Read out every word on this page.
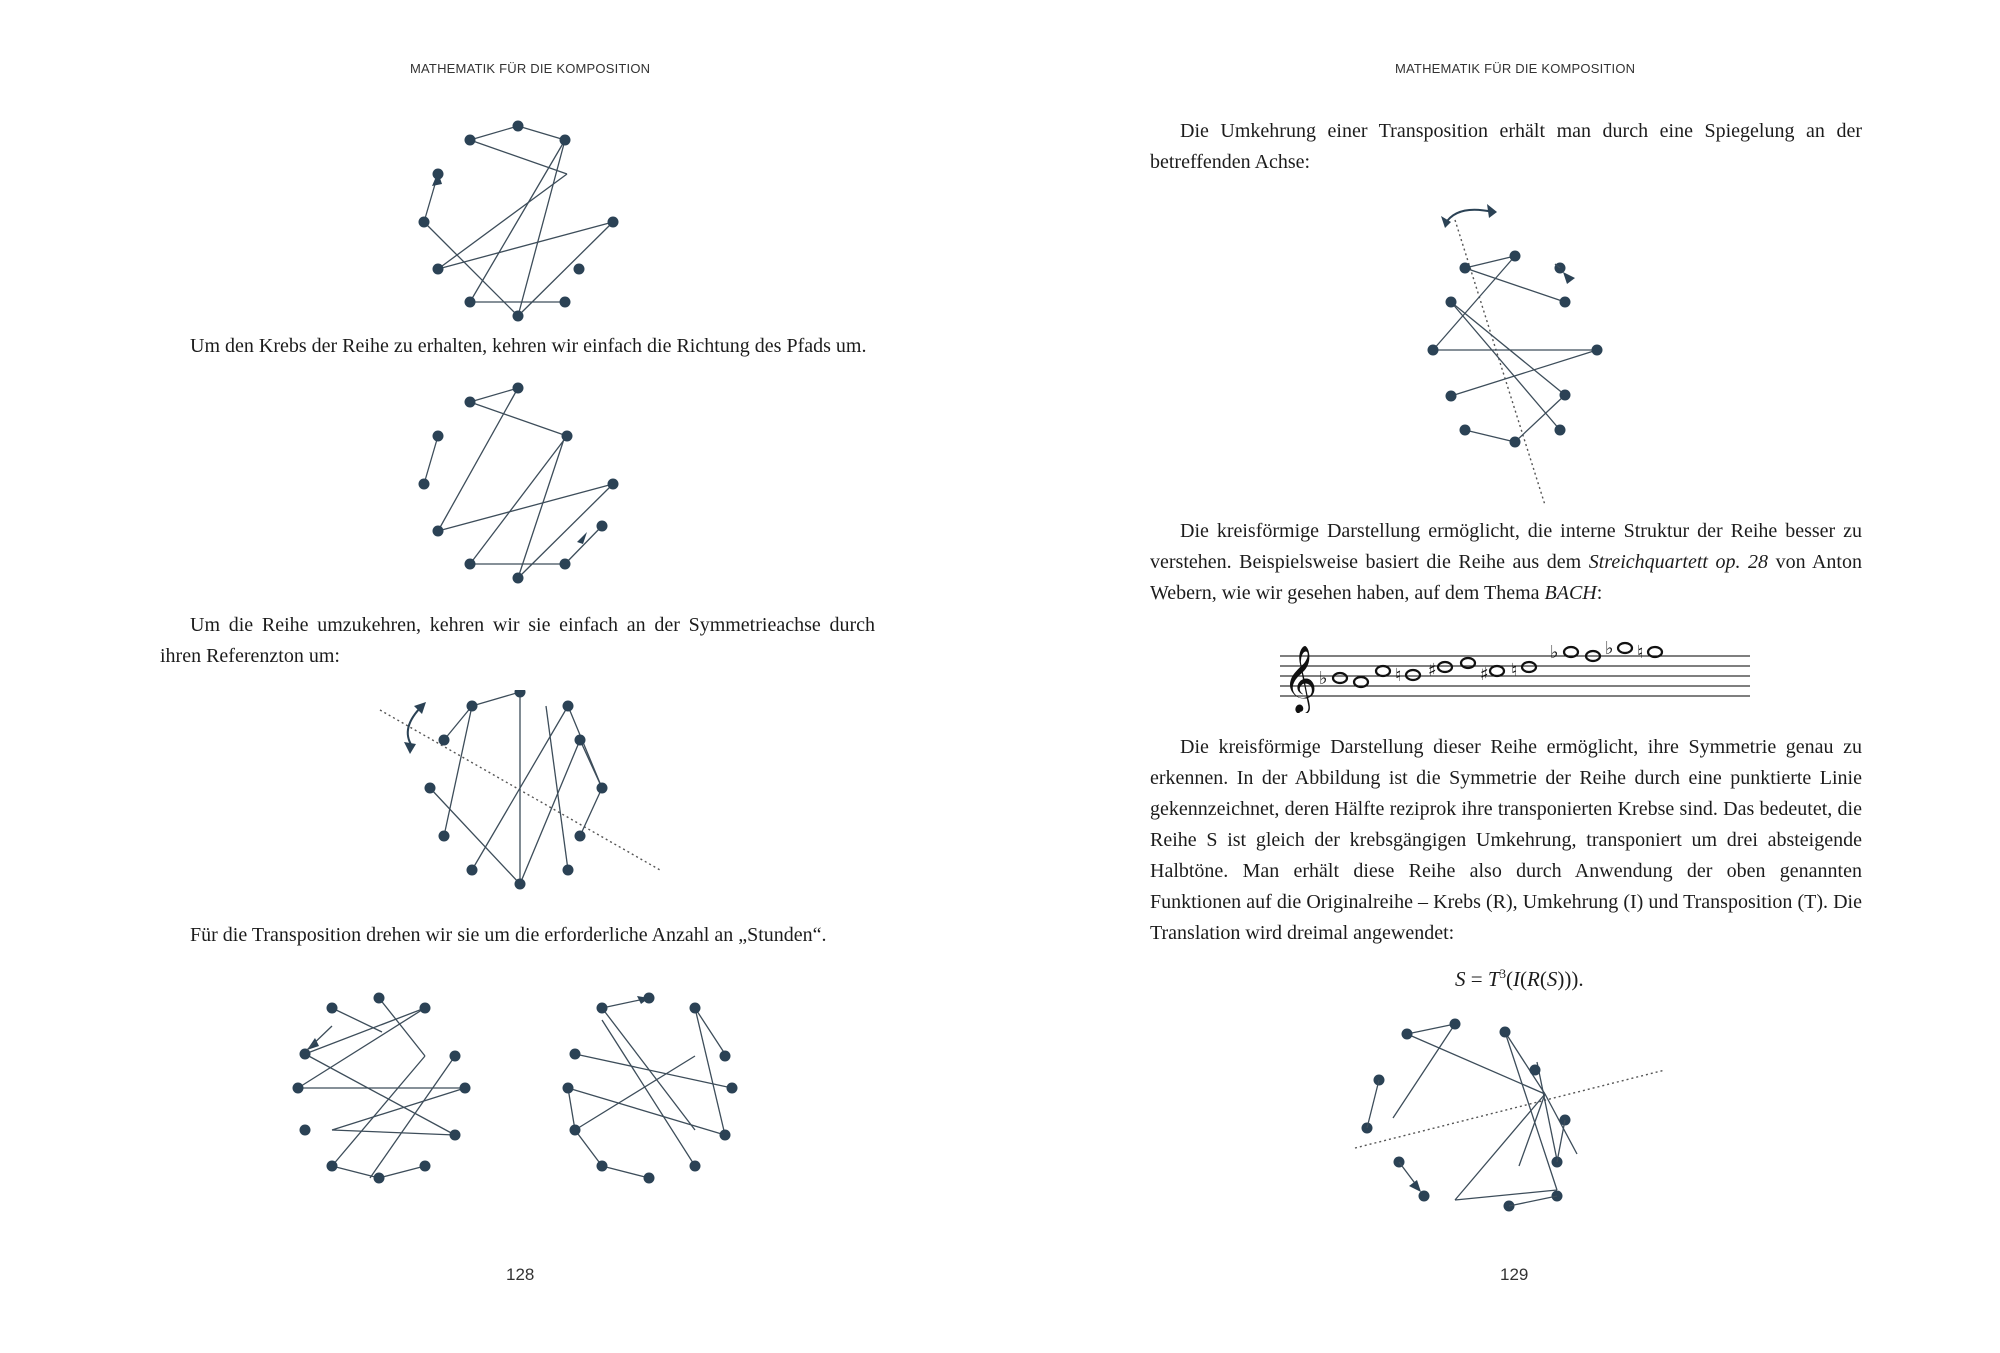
MATHEMATIK FÜR DIE KOMPOSITION

Um den Krebs der Reihe zu erhalten, kehren wir einfach die Richtung des Pfads um.

Um die Reihe umzukehren, kehren wir sie einfach an der Symmetrieachse durch ihren Referenzton um:

Für die Transposition drehen wir sie um die erforderliche Anzahl an „Stunden“.

128
MATHEMATIK FÜR DIE KOMPOSITION

Die Umkehrung einer Transposition erhält man durch eine Spiegelung an der betreffenden Achse:

Die kreisförmige Darstellung ermöglicht, die interne Struktur der Reihe besser zu verstehen. Beispielsweise basiert die Reihe aus dem Streichquartett op. 28 von Anton Webern, wie wir gesehen haben, auf dem Thema BACH:

𝄞 ♭	♮ ♯ ♯ ♮
♭	♭ ♮

Die kreisförmige Darstellung dieser Reihe ermöglicht, ihre Symmetrie genau zu erkennen. In der Abbildung ist die Symmetrie der Reihe durch eine punktierte Linie gekennzeichnet, deren Hälfte reziprok ihre transponierten Krebse sind. Das bedeutet, die Reihe S ist gleich der krebsgängigen Umkehrung, transponiert um drei absteigende Halbtöne. Man erhält diese Reihe also durch Anwendung der oben genannten Funktionen auf die Originalreihe – Krebs (R), Umkehrung (I) und Transposition (T). Die Translation wird dreimal angewendet:

$S = T^3(I(R(S)))$.
129
